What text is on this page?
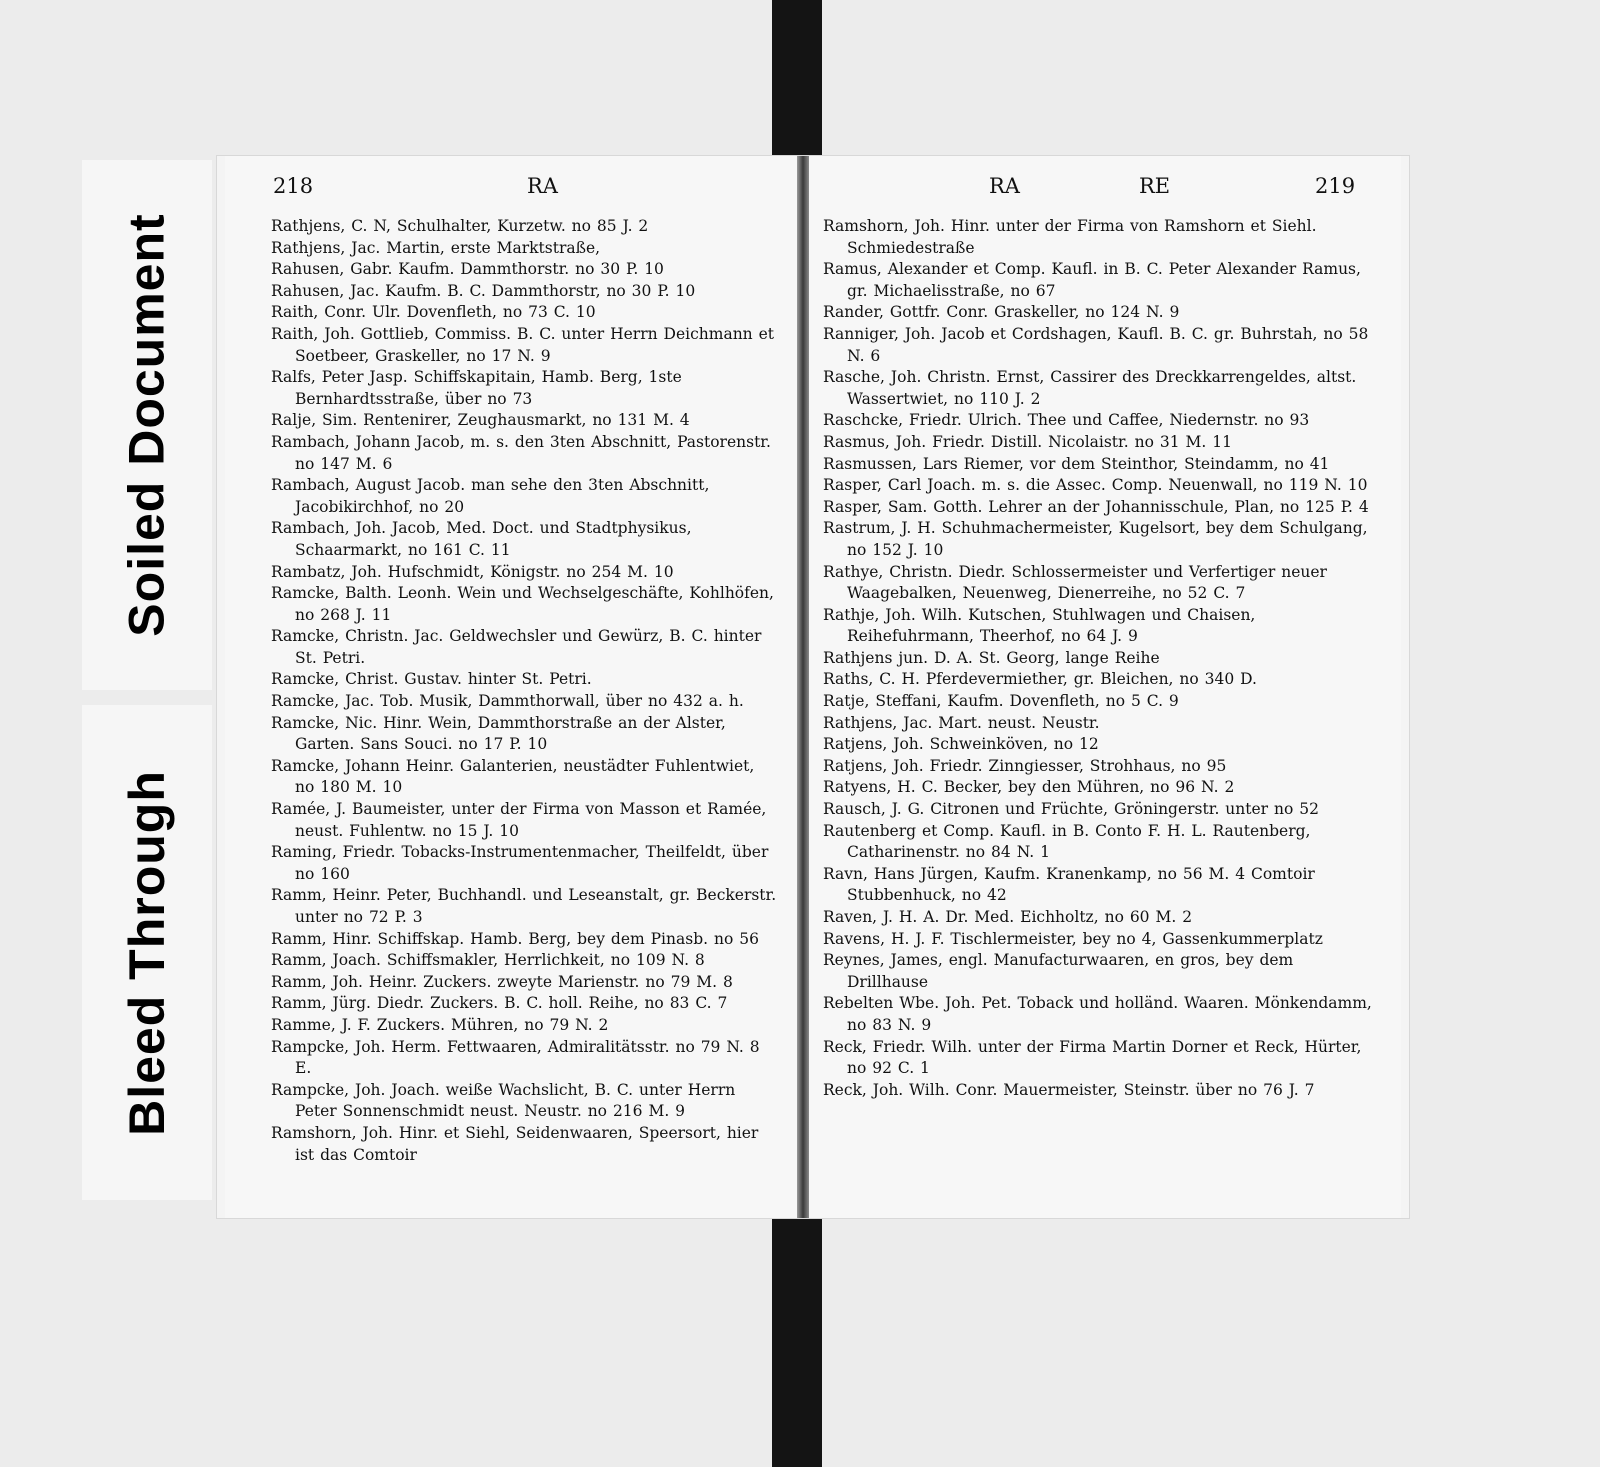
Soiled Document
Bleed Through
218	RA

Rathjens, C. N, Schulhalter, Kurzetw. no 85 J. 2

Rathjens, Jac. Martin, erste Marktstraße,

Rahusen, Gabr. Kaufm. Dammthorstr. no 30 P. 10

Rahusen, Jac. Kaufm. B. C. Dammthorstr, no 30 P. 10

Raith, Conr. Ulr. Dovenfleth, no 73 C. 10

Raith, Joh. Gottlieb, Commiss. B. C. unter Herrn Deichmann et Soetbeer, Graskeller, no 17 N. 9

Ralfs, Peter Jasp. Schiffskapitain, Hamb. Berg, 1ste Bernhardtsstraße, über no 73

Ralje, Sim. Rentenirer, Zeughausmarkt, no 131 M. 4

Rambach, Johann Jacob, m. s. den 3ten Abschnitt, Pastorenstr. no 147 M. 6

Rambach, August Jacob. man sehe den 3ten Abschnitt, Jacobikirchhof, no 20

Rambach, Joh. Jacob, Med. Doct. und Stadtphysikus, Schaarmarkt, no 161 C. 11

Rambatz, Joh. Hufschmidt, Königstr. no 254 M. 10

Ramcke, Balth. Leonh. Wein und Wechselgeschäfte, Kohlhöfen, no 268 J. 11

Ramcke, Christn. Jac. Geldwechsler und Gewürz, B. C. hinter St. Petri.

Ramcke, Christ. Gustav. hinter St. Petri.

Ramcke, Jac. Tob. Musik, Dammthorwall, über no 432 a. h.

Ramcke, Nic. Hinr. Wein, Dammthorstraße an der Alster, Garten. Sans Souci. no 17 P. 10

Ramcke, Johann Heinr. Galanterien, neustädter Fuhlentwiet, no 180 M. 10

Ramée, J. Baumeister, unter der Firma von Masson et Ramée, neust. Fuhlentw. no 15 J. 10

Raming, Friedr. Tobacks-Instrumentenmacher, Theilfeldt, über no 160

Ramm, Heinr. Peter, Buchhandl. und Leseanstalt, gr. Beckerstr. unter no 72 P. 3

Ramm, Hinr. Schiffskap. Hamb. Berg, bey dem Pinasb. no 56

Ramm, Joach. Schiffsmakler, Herrlichkeit, no 109 N. 8

Ramm, Joh. Heinr. Zuckers. zweyte Marienstr. no 79 M. 8

Ramm, Jürg. Diedr. Zuckers. B. C. holl. Reihe, no 83 C. 7

Ramme, J. F. Zuckers. Mühren, no 79 N. 2

Rampcke, Joh. Herm. Fettwaaren, Admiralitätsstr. no 79 N. 8 E.

Rampcke, Joh. Joach. weiße Wachslicht, B. C. unter Herrn Peter Sonnenschmidt neust. Neustr. no 216 M. 9

Ramshorn, Joh. Hinr. et Siehl, Seidenwaaren, Speersort, hier ist das Comtoir

RA	RE	219

Ramshorn, Joh. Hinr. unter der Firma von Ramshorn et Siehl. Schmiedestraße

Ramus, Alexander et Comp. Kaufl. in B. C. Peter Alexander Ramus, gr. Michaelisstraße, no 67

Rander, Gottfr. Conr. Graskeller, no 124 N. 9

Ranniger, Joh. Jacob et Cordshagen, Kaufl. B. C. gr. Buhrstah, no 58 N. 6

Rasche, Joh. Christn. Ernst, Cassirer des Dreckkarrengeldes, altst. Wassertwiet, no 110 J. 2

Raschcke, Friedr. Ulrich. Thee und Caffee, Niedernstr. no 93

Rasmus, Joh. Friedr. Distill. Nicolaistr. no 31 M. 11

Rasmussen, Lars Riemer, vor dem Steinthor, Steindamm, no 41

Rasper, Carl Joach. m. s. die Assec. Comp. Neuenwall, no 119 N. 10

Rasper, Sam. Gotth. Lehrer an der Johannisschule, Plan, no 125 P. 4

Rastrum, J. H. Schuhmachermeister, Kugelsort, bey dem Schulgang, no 152 J. 10

Rathye, Christn. Diedr. Schlossermeister und Verfertiger neuer Waagebalken, Neuenweg, Dienerreihe, no 52 C. 7

Rathje, Joh. Wilh. Kutschen, Stuhlwagen und Chaisen, Reihefuhrmann, Theerhof, no 64 J. 9

Rathjens jun. D. A. St. Georg, lange Reihe

Raths, C. H. Pferdevermiether, gr. Bleichen, no 340 D.

Ratje, Steffani, Kaufm. Dovenfleth, no 5 C. 9

Rathjens, Jac. Mart. neust. Neustr.

Ratjens, Joh. Schweinköven, no 12

Ratjens, Joh. Friedr. Zinngiesser, Strohhaus, no 95

Ratyens, H. C. Becker, bey den Mühren, no 96 N. 2

Rausch, J. G. Citronen und Früchte, Gröningerstr. unter no 52

Rautenberg et Comp. Kaufl. in B. Conto F. H. L. Rautenberg, Catharinenstr. no 84 N. 1

Ravn, Hans Jürgen, Kaufm. Kranenkamp, no 56 M. 4 Comtoir Stubbenhuck, no 42

Raven, J. H. A. Dr. Med. Eichholtz, no 60 M. 2

Ravens, H. J. F. Tischlermeister, bey no 4, Gassenkummerplatz

Reynes, James, engl. Manufacturwaaren, en gros, bey dem Drillhause

Rebelten Wbe. Joh. Pet. Toback und holländ. Waaren. Mönkendamm, no 83 N. 9

Reck, Friedr. Wilh. unter der Firma Martin Dorner et Reck, Hürter, no 92 C. 1

Reck, Joh. Wilh. Conr. Mauermeister, Steinstr. über no 76 J. 7
